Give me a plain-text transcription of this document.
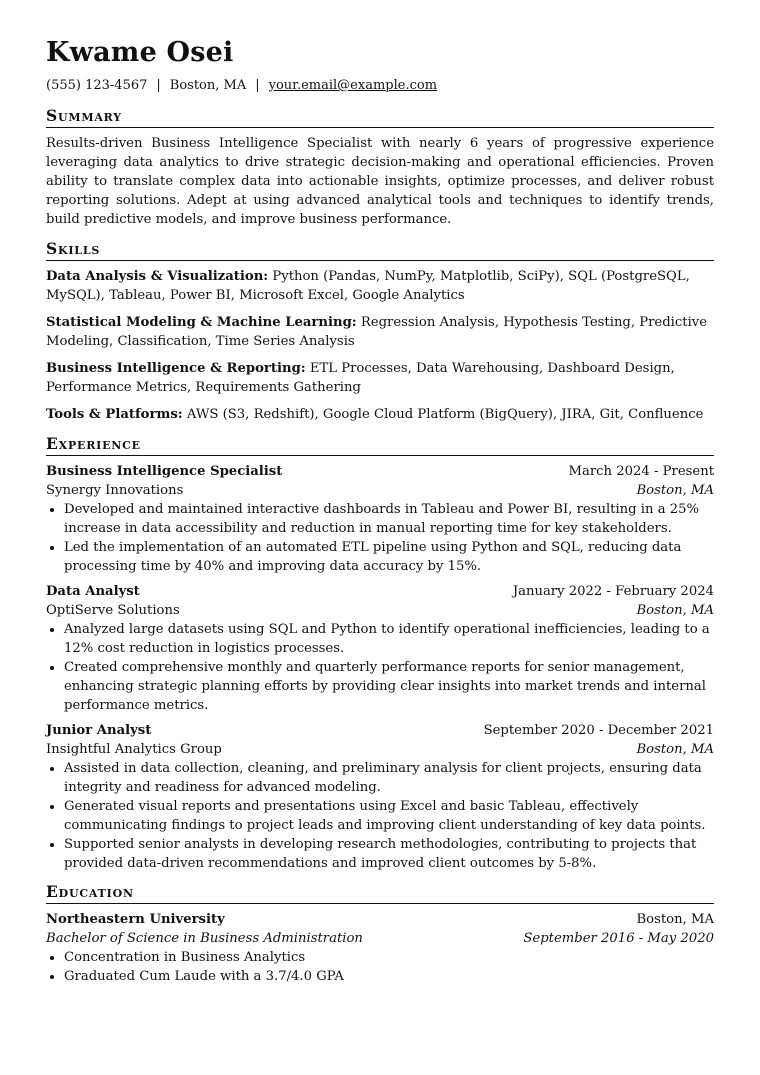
Kwame Osei
(555) 123-4567 | Boston, MA | your.email@example.com
Summary
Results-driven Business Intelligence Specialist with nearly 6 years of progressive experience leveraging data analytics to drive strategic decision-making and operational efficiencies. Proven ability to translate complex data into actionable insights, optimize processes, and deliver robust reporting solutions. Adept at using advanced analytical tools and techniques to identify trends, build predictive models, and improve business performance.
Skills
Data Analysis & Visualization: Python (Pandas, NumPy, Matplotlib, SciPy), SQL (PostgreSQL, MySQL), Tableau, Power BI, Microsoft Excel, Google Analytics
Statistical Modeling & Machine Learning: Regression Analysis, Hypothesis Testing, Predictive Modeling, Classification, Time Series Analysis
Business Intelligence & Reporting: ETL Processes, Data Warehousing, Dashboard Design, Performance Metrics, Requirements Gathering
Tools & Platforms: AWS (S3, Redshift), Google Cloud Platform (BigQuery), JIRA, Git, Confluence
Experience
Business Intelligence Specialist	March 2024 - Present
Synergy Innovations	Boston, MA
Developed and maintained interactive dashboards in Tableau and Power BI, resulting in a 25% increase in data accessibility and reduction in manual reporting time for key stakeholders.
Led the implementation of an automated ETL pipeline using Python and SQL, reducing data processing time by 40% and improving data accuracy by 15%.
Data Analyst	January 2022 - February 2024
OptiServe Solutions	Boston, MA
Analyzed large datasets using SQL and Python to identify operational inefficiencies, leading to a 12% cost reduction in logistics processes.
Created comprehensive monthly and quarterly performance reports for senior management, enhancing strategic planning efforts by providing clear insights into market trends and internal performance metrics.
Junior Analyst	September 2020 - December 2021
Insightful Analytics Group	Boston, MA
Assisted in data collection, cleaning, and preliminary analysis for client projects, ensuring data integrity and readiness for advanced modeling.
Generated visual reports and presentations using Excel and basic Tableau, effectively communicating findings to project leads and improving client understanding of key data points.
Supported senior analysts in developing research methodologies, contributing to projects that provided data-driven recommendations and improved client outcomes by 5-8%.
Education
Northeastern University	Boston, MA
Bachelor of Science in Business Administration	September 2016 - May 2020
Concentration in Business Analytics
Graduated Cum Laude with a 3.7/4.0 GPA
